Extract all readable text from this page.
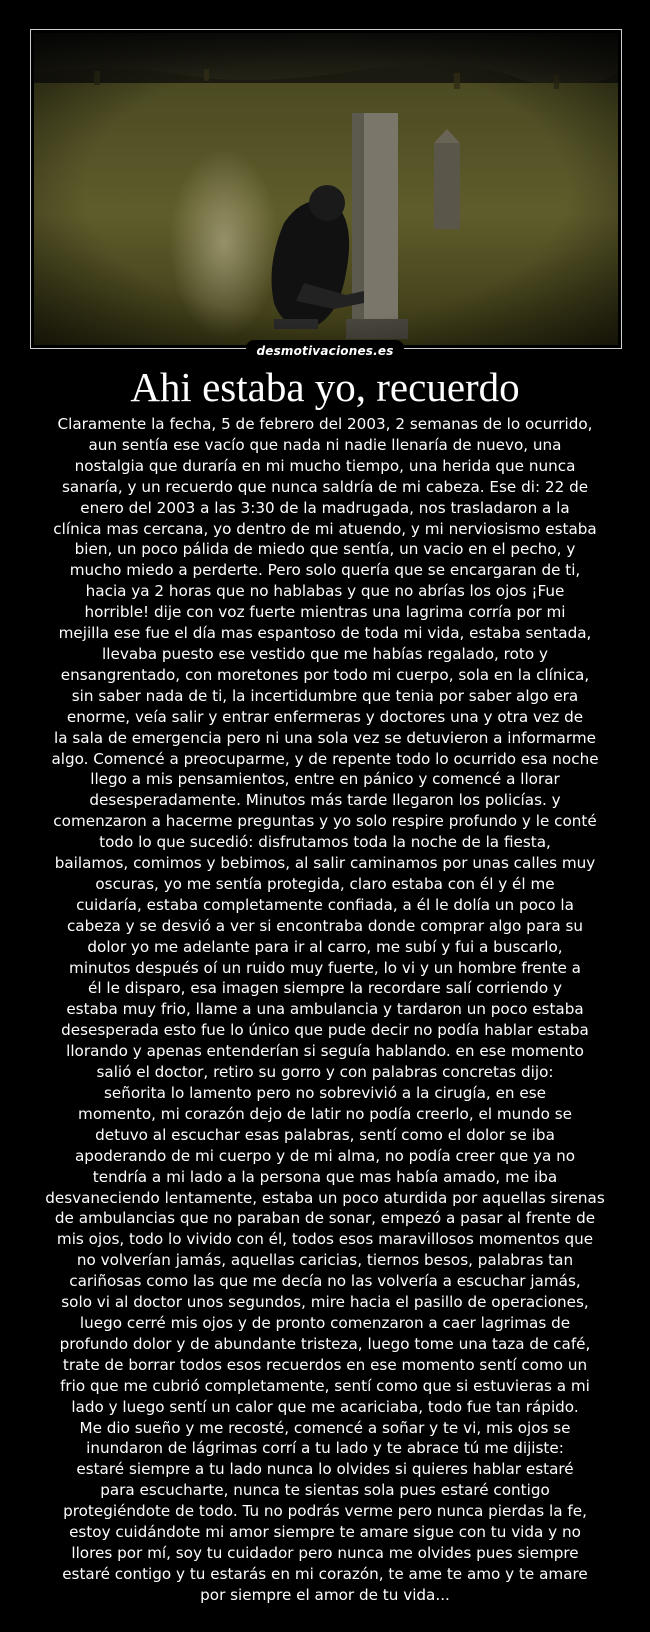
desmotivaciones.es
Ahi estaba yo, recuerdo
Claramente la fecha, 5 de febrero del 2003, 2 semanas de lo ocurrido,
aun sentía ese vacío que nada ni nadie llenaría de nuevo, una
nostalgia que duraría en mi mucho tiempo, una herida que nunca
sanaría, y un recuerdo que nunca saldría de mi cabeza. Ese di: 22 de
enero del 2003 a las 3:30 de la madrugada, nos trasladaron a la
clínica mas cercana, yo dentro de mi atuendo, y mi nerviosismo estaba
bien, un poco pálida de miedo que sentía, un vacio en el pecho, y
mucho miedo a perderte. Pero solo quería que se encargaran de ti,
hacia ya 2 horas que no hablabas y que no abrías los ojos ¡Fue
horrible! dije con voz fuerte mientras una lagrima corría por mi
mejilla ese fue el día mas espantoso de toda mi vida, estaba sentada,
llevaba puesto ese vestido que me habías regalado, roto y
ensangrentado, con moretones por todo mi cuerpo, sola en la clínica,
sin saber nada de ti, la incertidumbre que tenia por saber algo era
enorme, veía salir y entrar enfermeras y doctores una y otra vez de
la sala de emergencia pero ni una sola vez se detuvieron a informarme
algo. Comencé a preocuparme, y de repente todo lo ocurrido esa noche
llego a mis pensamientos, entre en pánico y comencé a llorar
desesperadamente. Minutos más tarde llegaron los policías. y
comenzaron a hacerme preguntas y yo solo respire profundo y le conté
todo lo que sucedió: disfrutamos toda la noche de la fiesta,
bailamos, comimos y bebimos, al salir caminamos por unas calles muy
oscuras, yo me sentía protegida, claro estaba con él y él me
cuidaría, estaba completamente confiada, a él le dolía un poco la
cabeza y se desvió a ver si encontraba donde comprar algo para su
dolor yo me adelante para ir al carro, me subí y fui a buscarlo,
minutos después oí un ruido muy fuerte, lo vi y un hombre frente a
él le disparo, esa imagen siempre la recordare salí corriendo y
estaba muy frio, llame a una ambulancia y tardaron un poco estaba
desesperada esto fue lo único que pude decir no podía hablar estaba
llorando y apenas entenderían si seguía hablando. en ese momento
salió el doctor, retiro su gorro y con palabras concretas dijo:
señorita lo lamento pero no sobrevivió a la cirugía, en ese
momento, mi corazón dejo de latir no podía creerlo, el mundo se
detuvo al escuchar esas palabras, sentí como el dolor se iba
apoderando de mi cuerpo y de mi alma, no podía creer que ya no
tendría a mi lado a la persona que mas había amado, me iba
desvaneciendo lentamente, estaba un poco aturdida por aquellas sirenas
de ambulancias que no paraban de sonar, empezó a pasar al frente de
mis ojos, todo lo vivido con él, todos esos maravillosos momentos que
no volverían jamás, aquellas caricias, tiernos besos, palabras tan
cariñosas como las que me decía no las volvería a escuchar jamás,
solo vi al doctor unos segundos, mire hacia el pasillo de operaciones,
luego cerré mis ojos y de pronto comenzaron a caer lagrimas de
profundo dolor y de abundante tristeza, luego tome una taza de café,
trate de borrar todos esos recuerdos en ese momento sentí como un
frio que me cubrió completamente, sentí como que si estuvieras a mi
lado y luego sentí un calor que me acariciaba, todo fue tan rápido.
Me dio sueño y me recosté, comencé a soñar y te vi, mis ojos se
inundaron de lágrimas corrí a tu lado y te abrace tú me dijiste:
estaré siempre a tu lado nunca lo olvides si quieres hablar estaré
para escucharte, nunca te sientas sola pues estaré contigo
protegiéndote de todo. Tu no podrás verme pero nunca pierdas la fe,
estoy cuidándote mi amor siempre te amare sigue con tu vida y no
llores por mí, soy tu cuidador pero nunca me olvides pues siempre
estaré contigo y tu estarás en mi corazón, te ame te amo y te amare
por siempre el amor de tu vida...
